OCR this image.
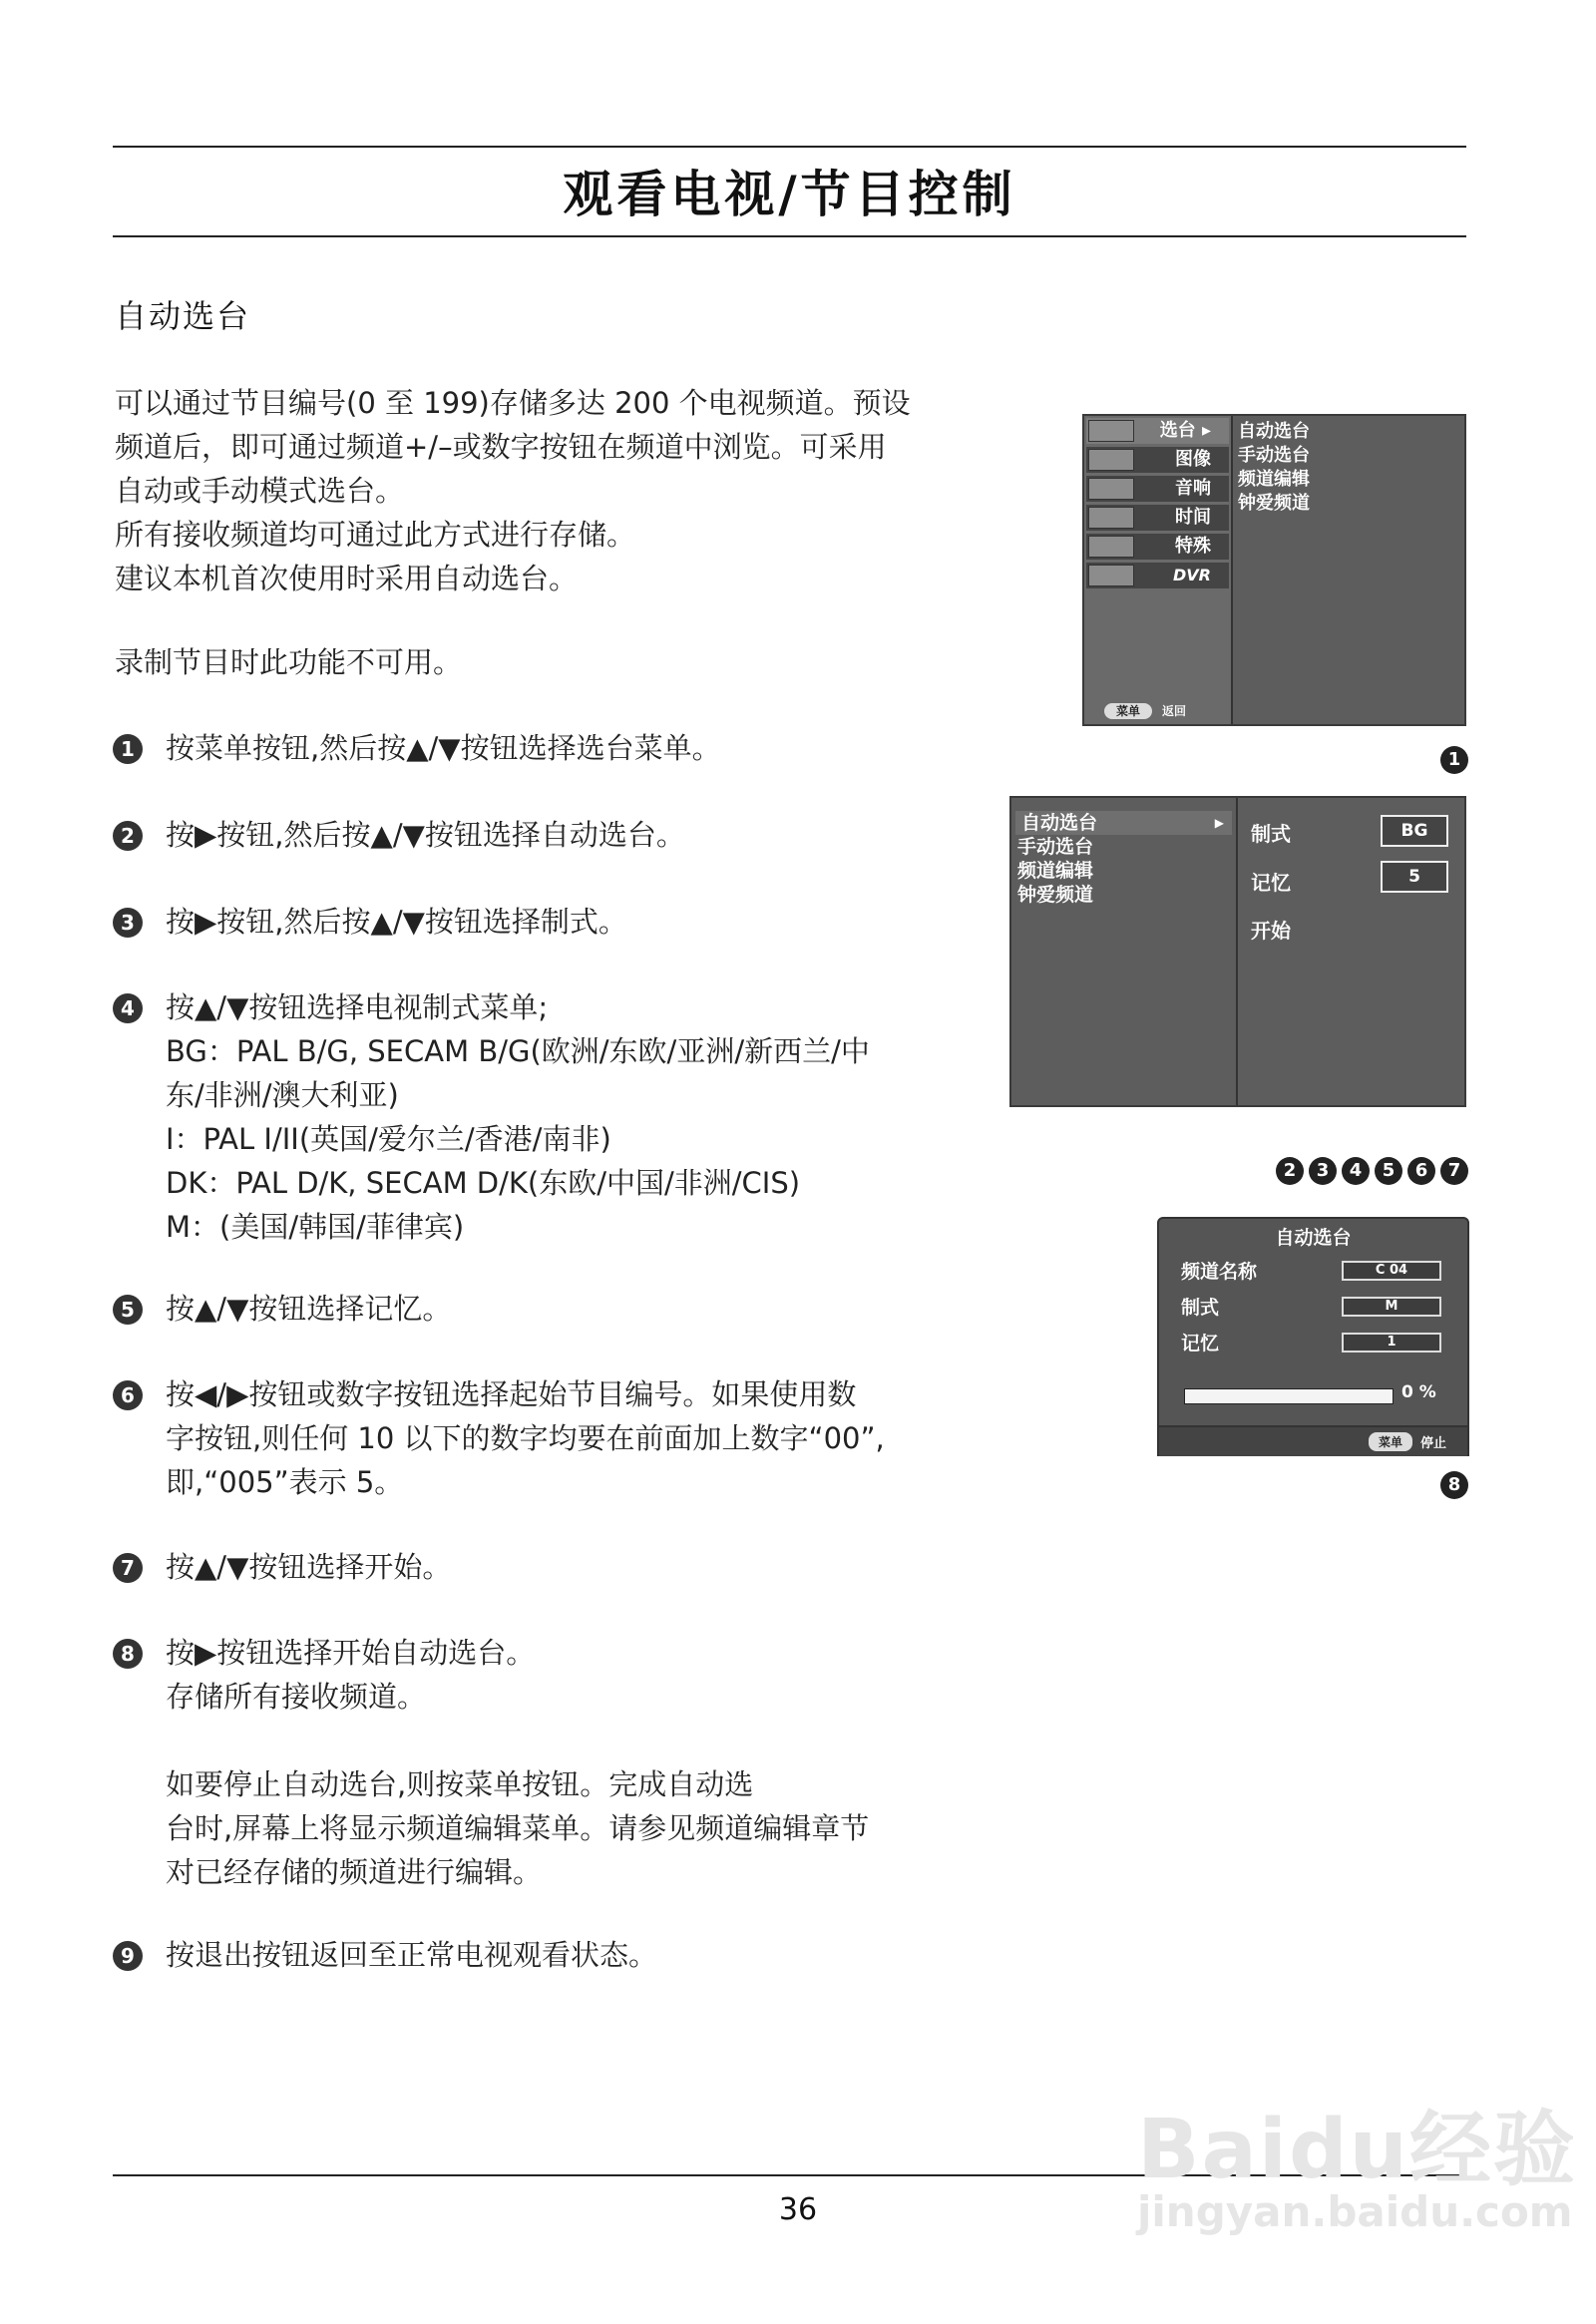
观看电视/节目控制
自动选台
可以通过节目编号(0 至 199)存储多达 200 个电视频道。预设
频道后，即可通过频道+/–或数字按钮在频道中浏览。可采用
自动或手动模式选台。
所有接收频道均可通过此方式进行存储。
建议本机首次使用时采用自动选台。
录制节目时此功能不可用。
1 按菜单按钮,然后按▲/▼按钮选择选台菜单。
2 按▶按钮,然后按▲/▼按钮选择自动选台。
3 按▶按钮,然后按▲/▼按钮选择制式。
4 按▲/▼按钮选择电视制式菜单;
BG：PAL B/G, SECAM B/G(欧洲/东欧/亚洲/新西兰/中
东/非洲/澳大利亚)
I：PAL I/II(英国/爱尔兰/香港/南非)
DK：PAL D/K, SECAM D/K(东欧/中国/非洲/CIS)
M：(美国/韩国/菲律宾)
5 按▲/▼按钮选择记忆。
6 按◀/▶按钮或数字按钮选择起始节目编号。如果使用数
字按钮,则任何 10 以下的数字均要在前面加上数字“00”,
即,“005”表示 5。
7 按▲/▼按钮选择开始。
8 按▶按钮选择开始自动选台。
存储所有接收频道。
如要停止自动选台,则按菜单按钮。完成自动选
台时,屏幕上将显示频道编辑菜单。请参见频道编辑章节
对已经存储的频道进行编辑。
9 按退出按钮返回至正常电视观看状态。
选台 ▸
图像
音响
时间
特殊
DVR
菜单 返回
自动选台
手动选台
频道编辑
钟爱频道
1
自动选台	▶
手动选台
频道编辑
钟爱频道
制式	BG
记忆	5
开始
2 3 4 5 6 7
自动选台
频道名称	C 04
制式	M
记忆	1
0 %
菜单	停止
8
36
Baidu经验
jingyan.baidu.com
